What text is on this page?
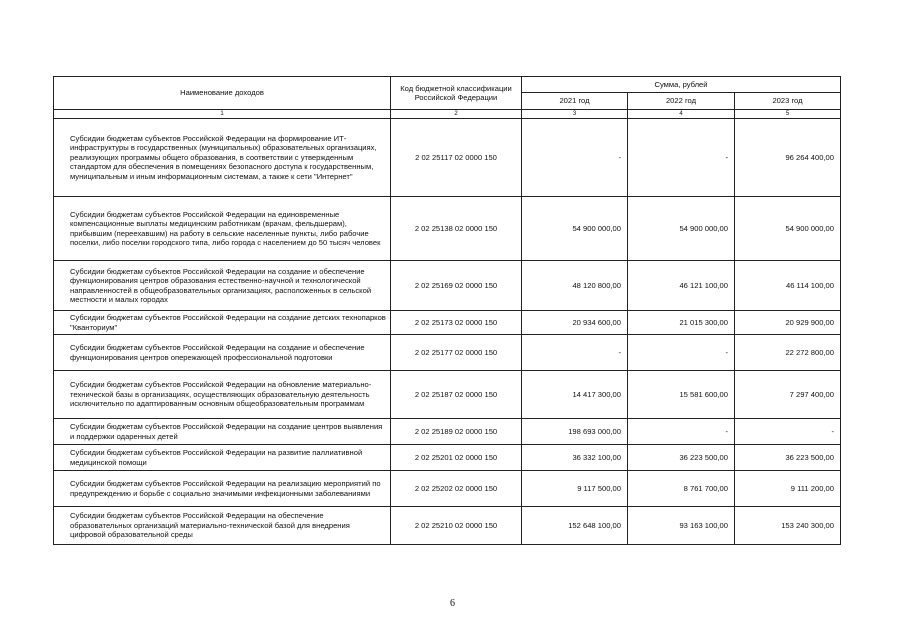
Наименование доходов	Код бюджетной классификации Российской Федерации	Сумма, рублей		
		2021 год	2022 год	2023 год
1	2	3	4	5
Субсидии бюджетам субъектов Российской Федерации на формирование ИТ-инфраструктуры в государственных (муниципальных) образовательных организациях, реализующих программы общего образования, в соответствии с утвержденным стандартом для обеспечения в помещениях безопасного доступа к государственным, муниципальным и иным информационным системам, а также к сети "Интернет"	2 02 25117 02 0000 150	-	-	96 264 400,00
Субсидии бюджетам субъектов Российской Федерации на единовременные компенсационные выплаты медицинским работникам (врачам, фельдшерам), прибывшим (переехавшим) на работу в сельские населенные пункты, либо рабочие поселки, либо поселки городского типа, либо города с населением до 50 тысяч человек	2 02 25138 02 0000 150	54 900 000,00	54 900 000,00	54 900 000,00
Субсидии бюджетам субъектов Российской Федерации на создание и обеспечение функционирования центров образования естественно-научной и технологической направленностей в общеобразовательных организациях, расположенных в сельской местности и малых городах	2 02 25169 02 0000 150	48 120 800,00	46 121 100,00	46 114 100,00
Субсидии бюджетам субъектов Российской Федерации на создание детских технопарков "Кванториум"	2 02 25173 02 0000 150	20 934 600,00	21 015 300,00	20 929 900,00
Субсидии бюджетам субъектов Российской Федерации на создание и обеспечение функционирования центров опережающей профессиональной подготовки	2 02 25177 02 0000 150	-	-	22 272 800,00
Субсидии бюджетам субъектов Российской Федерации на обновление материально-технической базы в организациях, осуществляющих образовательную деятельность исключительно по адаптированным основным общеобразовательным программам	2 02 25187 02 0000 150	14 417 300,00	15 581 600,00	7 297 400,00
Субсидии бюджетам субъектов Российской Федерации на создание центров выявления и поддержки одаренных детей	2 02 25189 02 0000 150	198 693 000,00	-	-
Субсидии бюджетам субъектов Российской Федерации на развитие паллиативной медицинской помощи	2 02 25201 02 0000 150	36 332 100,00	36 223 500,00	36 223 500,00
Субсидии бюджетам субъектов Российской Федерации на реализацию мероприятий по предупреждению и борьбе с социально значимыми инфекционными заболеваниями	2 02 25202 02 0000 150	9 117 500,00	8 761 700,00	9 111 200,00
Субсидии бюджетам субъектов Российской Федерации на обеспечение образовательных организаций материально-технической базой для внедрения цифровой образовательной среды	2 02 25210 02 0000 150	152 648 100,00	93 163 100,00	153 240 300,00
6
